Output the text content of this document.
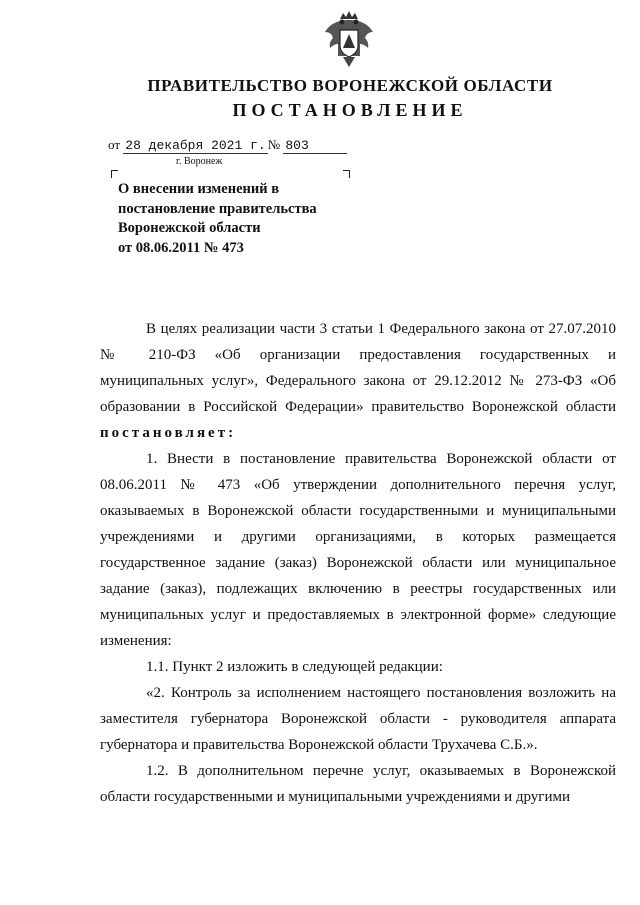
ПРАВИТЕЛЬСТВО ВОРОНЕЖСКОЙ ОБЛАСТИ
ПОСТАНОВЛЕНИЕ
от 28 декабря 2021 г. № 803
г. Воронеж
О внесении изменений в
постановление правительства
Воронежской области
от 08.06.2011 № 473

В целях реализации части 3 статьи 1 Федерального закона от 27.07.2010 № 210-ФЗ «Об организации предоставления государственных и муниципальных услуг», Федерального закона от 29.12.2012 № 273-ФЗ «Об образовании в Российской Федерации» правительство Воронежской области постановляет:

1. Внести в постановление правительства Воронежской области от 08.06.2011 № 473 «Об утверждении дополнительного перечня услуг, оказываемых в Воронежской области государственными и муниципальными учреждениями и другими организациями, в которых размещается государственное задание (заказ) Воронежской области или муниципальное задание (заказ), подлежащих включению в реестры государственных или муниципальных услуг и предоставляемых в электронной форме» следующие изменения:

1.1. Пункт 2 изложить в следующей редакции:

«2. Контроль за исполнением настоящего постановления возложить на заместителя губернатора Воронежской области - руководителя аппарата губернатора и правительства Воронежской области Трухачева С.Б.».

1.2. В дополнительном перечне услуг, оказываемых в Воронежской области государственными и муниципальными учреждениями и другими
